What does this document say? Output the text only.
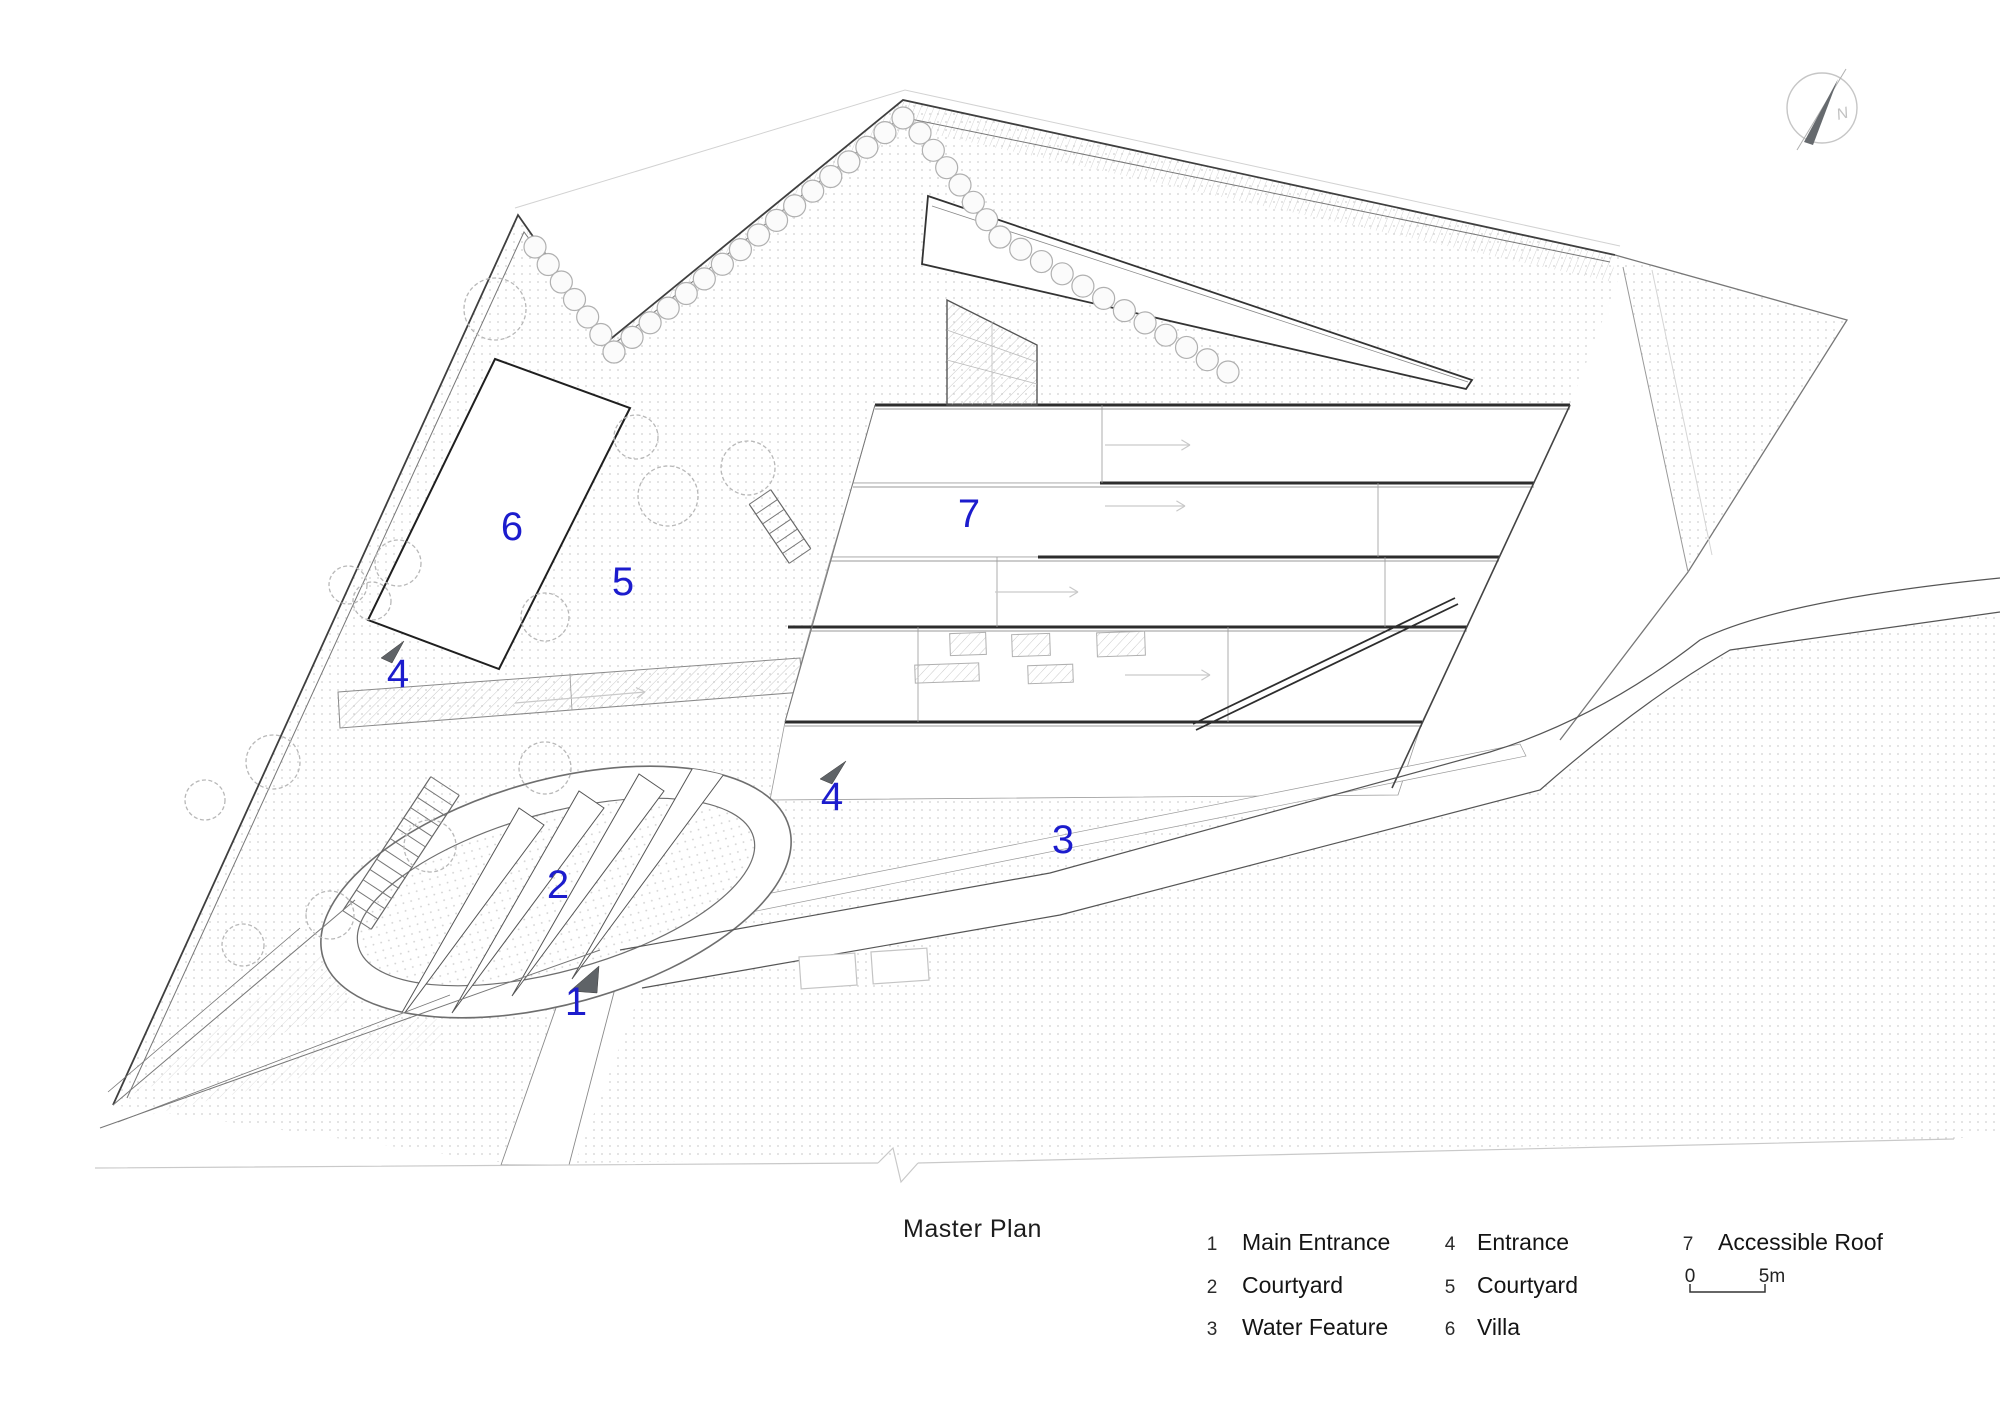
1
2
3
4
4
5
6	7
N
Master Plan
1 Main Entrance
2 Courtyard
3 Water Feature
4 Entrance
5 Courtyard
6 Villa
7 Accessible Roof
0	5m
